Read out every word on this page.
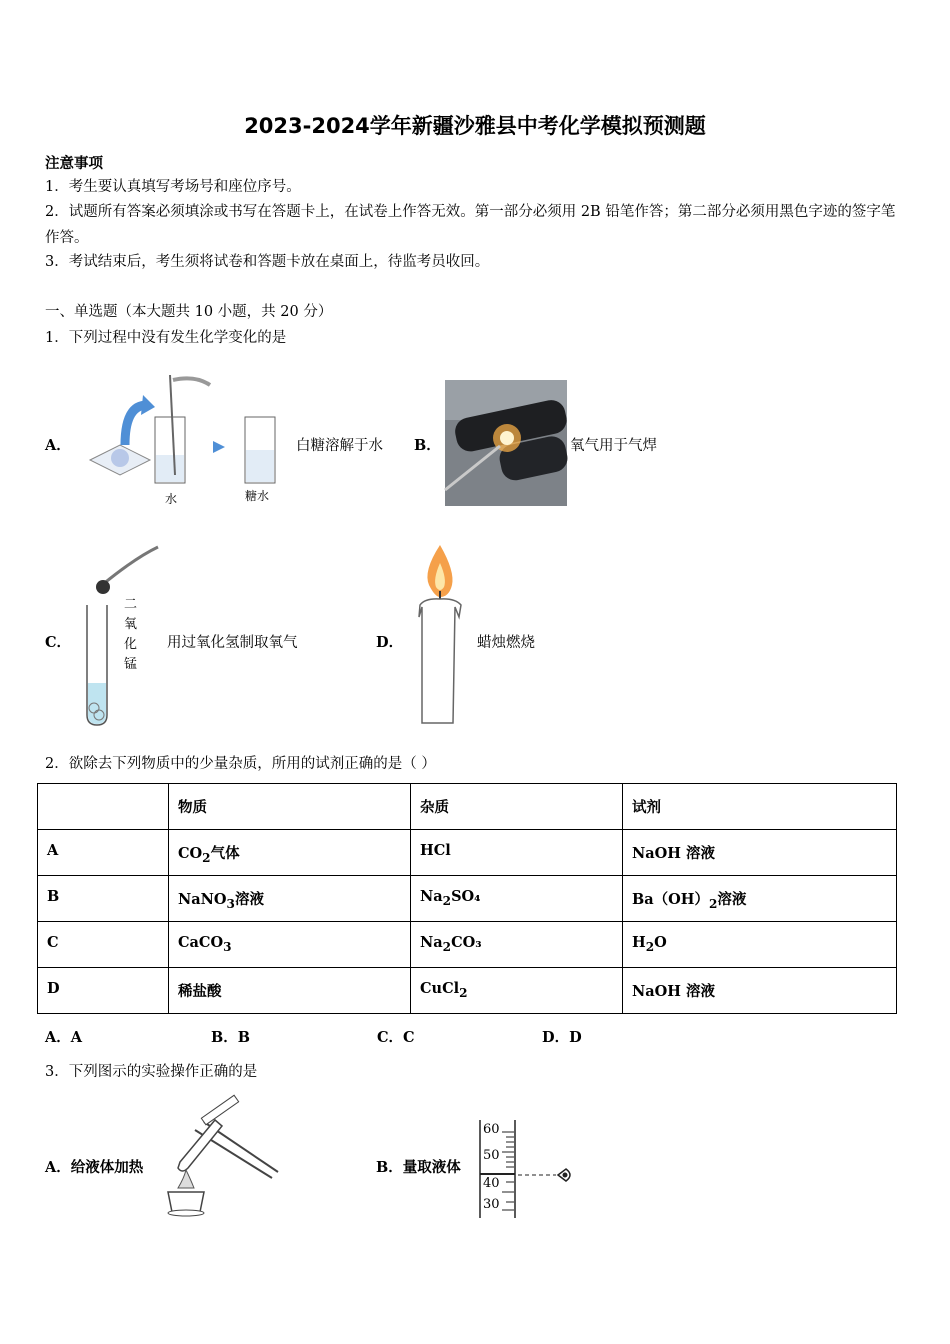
2023-2024学年新疆沙雅县中考化学模拟预测题
注意事项
1．考生要认真填写考场号和座位序号。
2．试题所有答案必须填涂或书写在答题卡上，在试卷上作答无效。第一部分必须用 2B 铅笔作答；第二部分必须用黑色字迹的签字笔作答。
3．考试结束后，考生须将试卷和答题卡放在桌面上，待监考员收回。
一、单选题（本大题共 10 小题，共 20 分）
1．下列过程中没有发生化学变化的是
A．
水	糖水
白糖溶解于水 B．	氧气用于气焊
C．
二氧化锰
用过氧化氢制取氧气	D．	蜡烛燃烧
2．欲除去下列物质中的少量杂质，所用的试剂正确的是（ ）
	物质	杂质	试剂
A	$CO_2$气体	HCl	NaOH 溶液
B	NaNO$_3$溶液	$Na_2SO_4$	$Ba(OH)_2$溶液
C	CaCO$_3$	$Na_2CO_3$	$H_2O$
D	稀盐酸	CuCl$_2$	NaOH 溶液
A．A	B．B	C．C	D．D
3．下列图示的实验操作正确的是
A．给液体加热	B．量取液体
60
50
40
30
